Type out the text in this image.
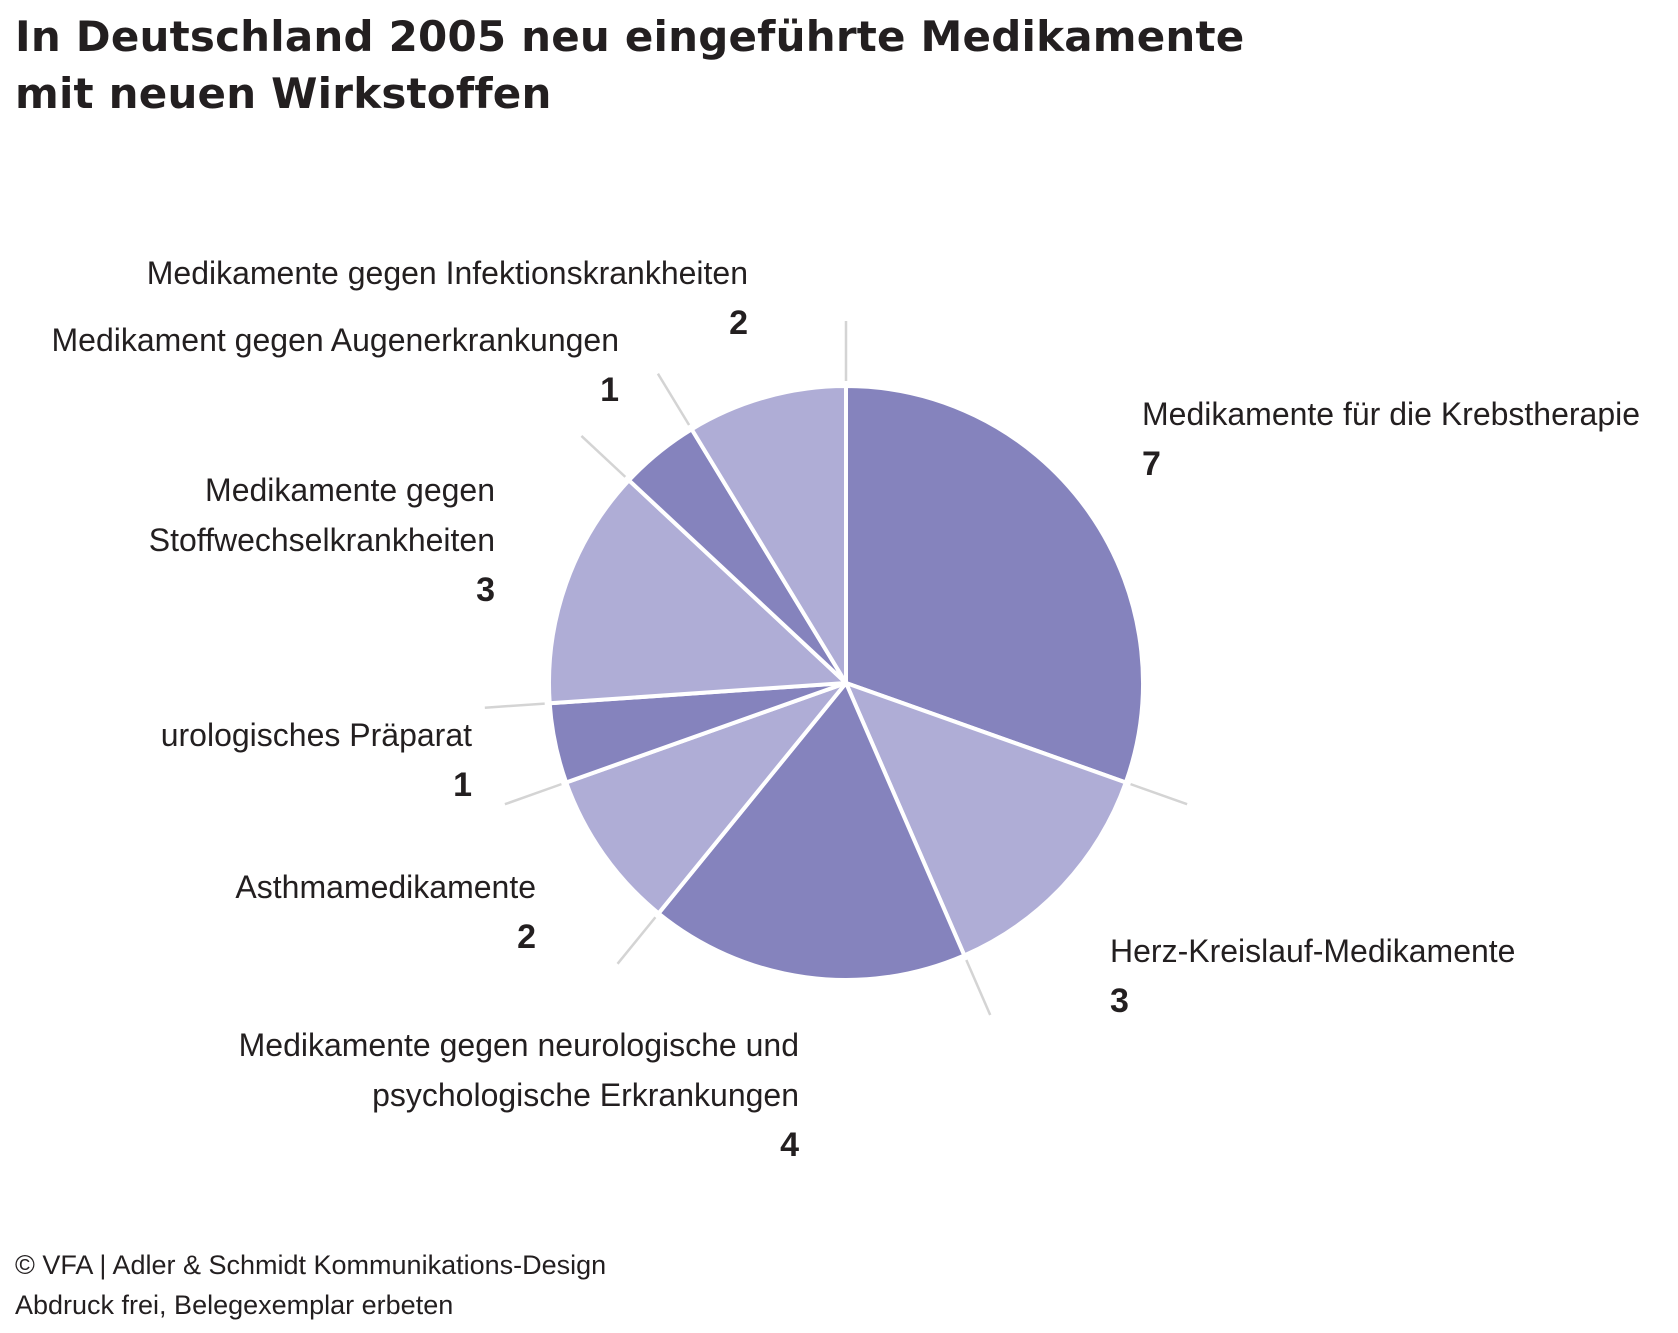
In Deutschland 2005 neu eingeführte Medikamente
mit neuen Wirkstoffen
Medikamente für die Krebstherapie
7
Herz-Kreislauf-Medikamente
3
Medikamente gegen neurologische und
psychologische Erkrankungen
4
Asthmamedikamente
2
urologisches Präparat
1
Medikamente gegen
Stoffwechselkrankheiten
3
Medikament gegen Augenerkrankungen
1
Medikamente gegen Infektionskrankheiten
2
© VFA | Adler & Schmidt Kommunikations-Design
Abdruck frei, Belegexemplar erbeten
